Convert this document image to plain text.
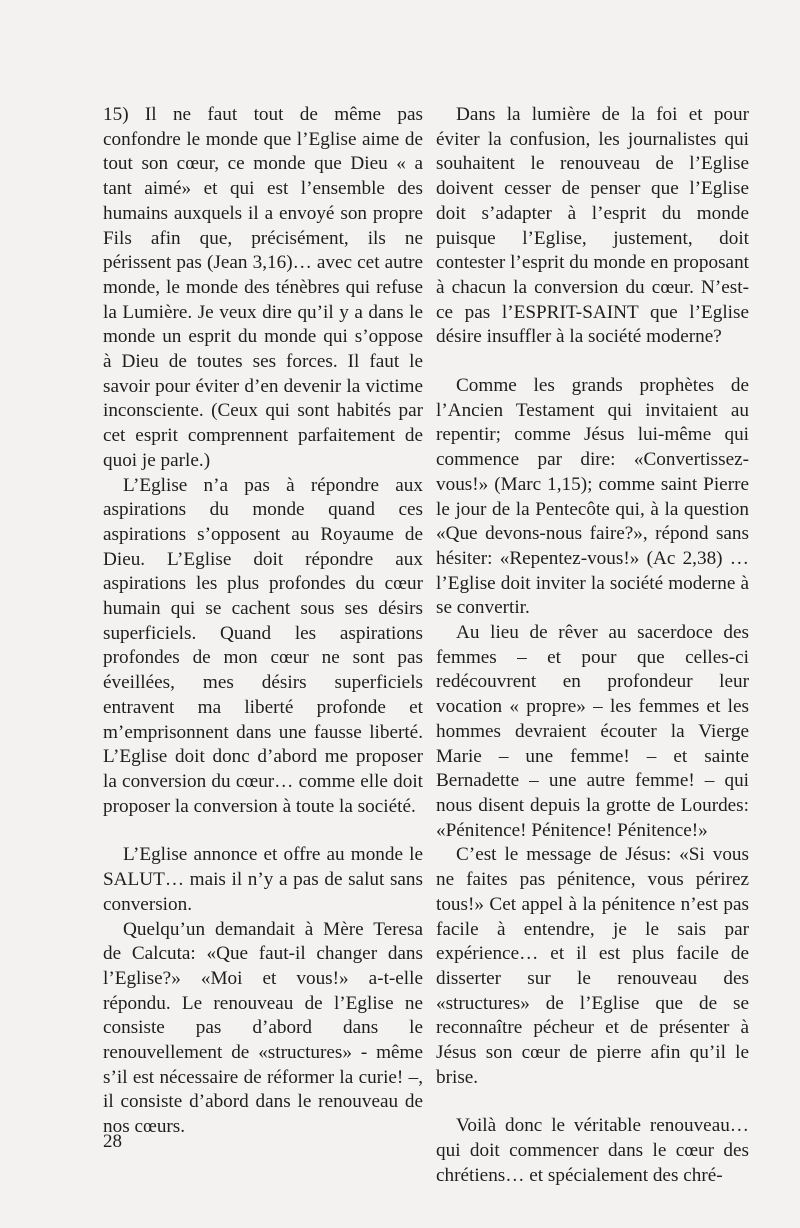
15) Il ne faut tout de même pas confondre le monde que l’Eglise aime de tout son cœur, ce monde que Dieu « a tant aimé» et qui est l’ensemble des humains auxquels il a envoyé son propre Fils afin que, précisément, ils ne périssent pas (Jean 3,16)… avec cet autre monde, le monde des ténèbres qui refuse la Lumière. Je veux dire qu’il y a dans le monde un esprit du monde qui s’oppose à Dieu de toutes ses forces. Il faut le savoir pour éviter d’en devenir la victime inconsciente. (Ceux qui sont habités par cet esprit comprennent parfaitement de quoi je parle.)

L’Eglise n’a pas à répondre aux aspirations du monde quand ces aspirations s’opposent au Royaume de Dieu. L’Eglise doit répondre aux aspirations les plus profondes du cœur humain qui se cachent sous ses désirs superficiels. Quand les aspirations profondes de mon cœur ne sont pas éveillées, mes désirs superficiels entravent ma liberté profonde et m’emprisonnent dans une fausse liberté. L’Eglise doit donc d’abord me proposer la conversion du cœur… comme elle doit proposer la conversion à toute la société.

L’Eglise annonce et offre au monde le SALUT… mais il n’y a pas de salut sans conversion.

Quelqu’un demandait à Mère Teresa de Calcuta: «Que faut-il changer dans l’Eglise?» «Moi et vous!» a-t-elle répondu. Le renouveau de l’Eglise ne consiste pas d’abord dans le renouvellement de «structures» - même s’il est nécessaire de réformer la curie! –, il consiste d’abord dans le renouveau de nos cœurs.

Dans la lumière de la foi et pour éviter la confusion, les journalistes qui souhaitent le renouveau de l’Eglise doivent cesser de penser que l’Eglise doit s’adapter à l’esprit du monde puisque l’Eglise, justement, doit contester l’esprit du monde en proposant à chacun la conversion du cœur. N’est-ce pas l’ESPRIT-SAINT que l’Eglise désire insuffler à la société moderne?

Comme les grands prophètes de l’Ancien Testament qui invitaient au repentir; comme Jésus lui-même qui commence par dire: «Convertissez-vous!» (Marc 1,15); comme saint Pierre le jour de la Pentecôte qui, à la question «Que devons-nous faire?», répond sans hésiter: «Repentez-vous!» (Ac 2,38) … l’Eglise doit inviter la société moderne à se convertir.

Au lieu de rêver au sacerdoce des femmes – et pour que celles-ci redécouvrent en profondeur leur vocation « propre» – les femmes et les hommes devraient écouter la Vierge Marie – une femme! – et sainte Bernadette – une autre femme! – qui nous disent depuis la grotte de Lourdes: «Pénitence! Pénitence! Pénitence!»

C’est le message de Jésus: «Si vous ne faites pas pénitence, vous périrez tous!» Cet appel à la pénitence n’est pas facile à entendre, je le sais par expérience… et il est plus facile de disserter sur le renouveau des «structures» de l’Eglise que de se reconnaître pécheur et de présenter à Jésus son cœur de pierre afin qu’il le brise.

Voilà donc le véritable renouveau… qui doit commencer dans le cœur des chrétiens… et spécialement des chré-

28
